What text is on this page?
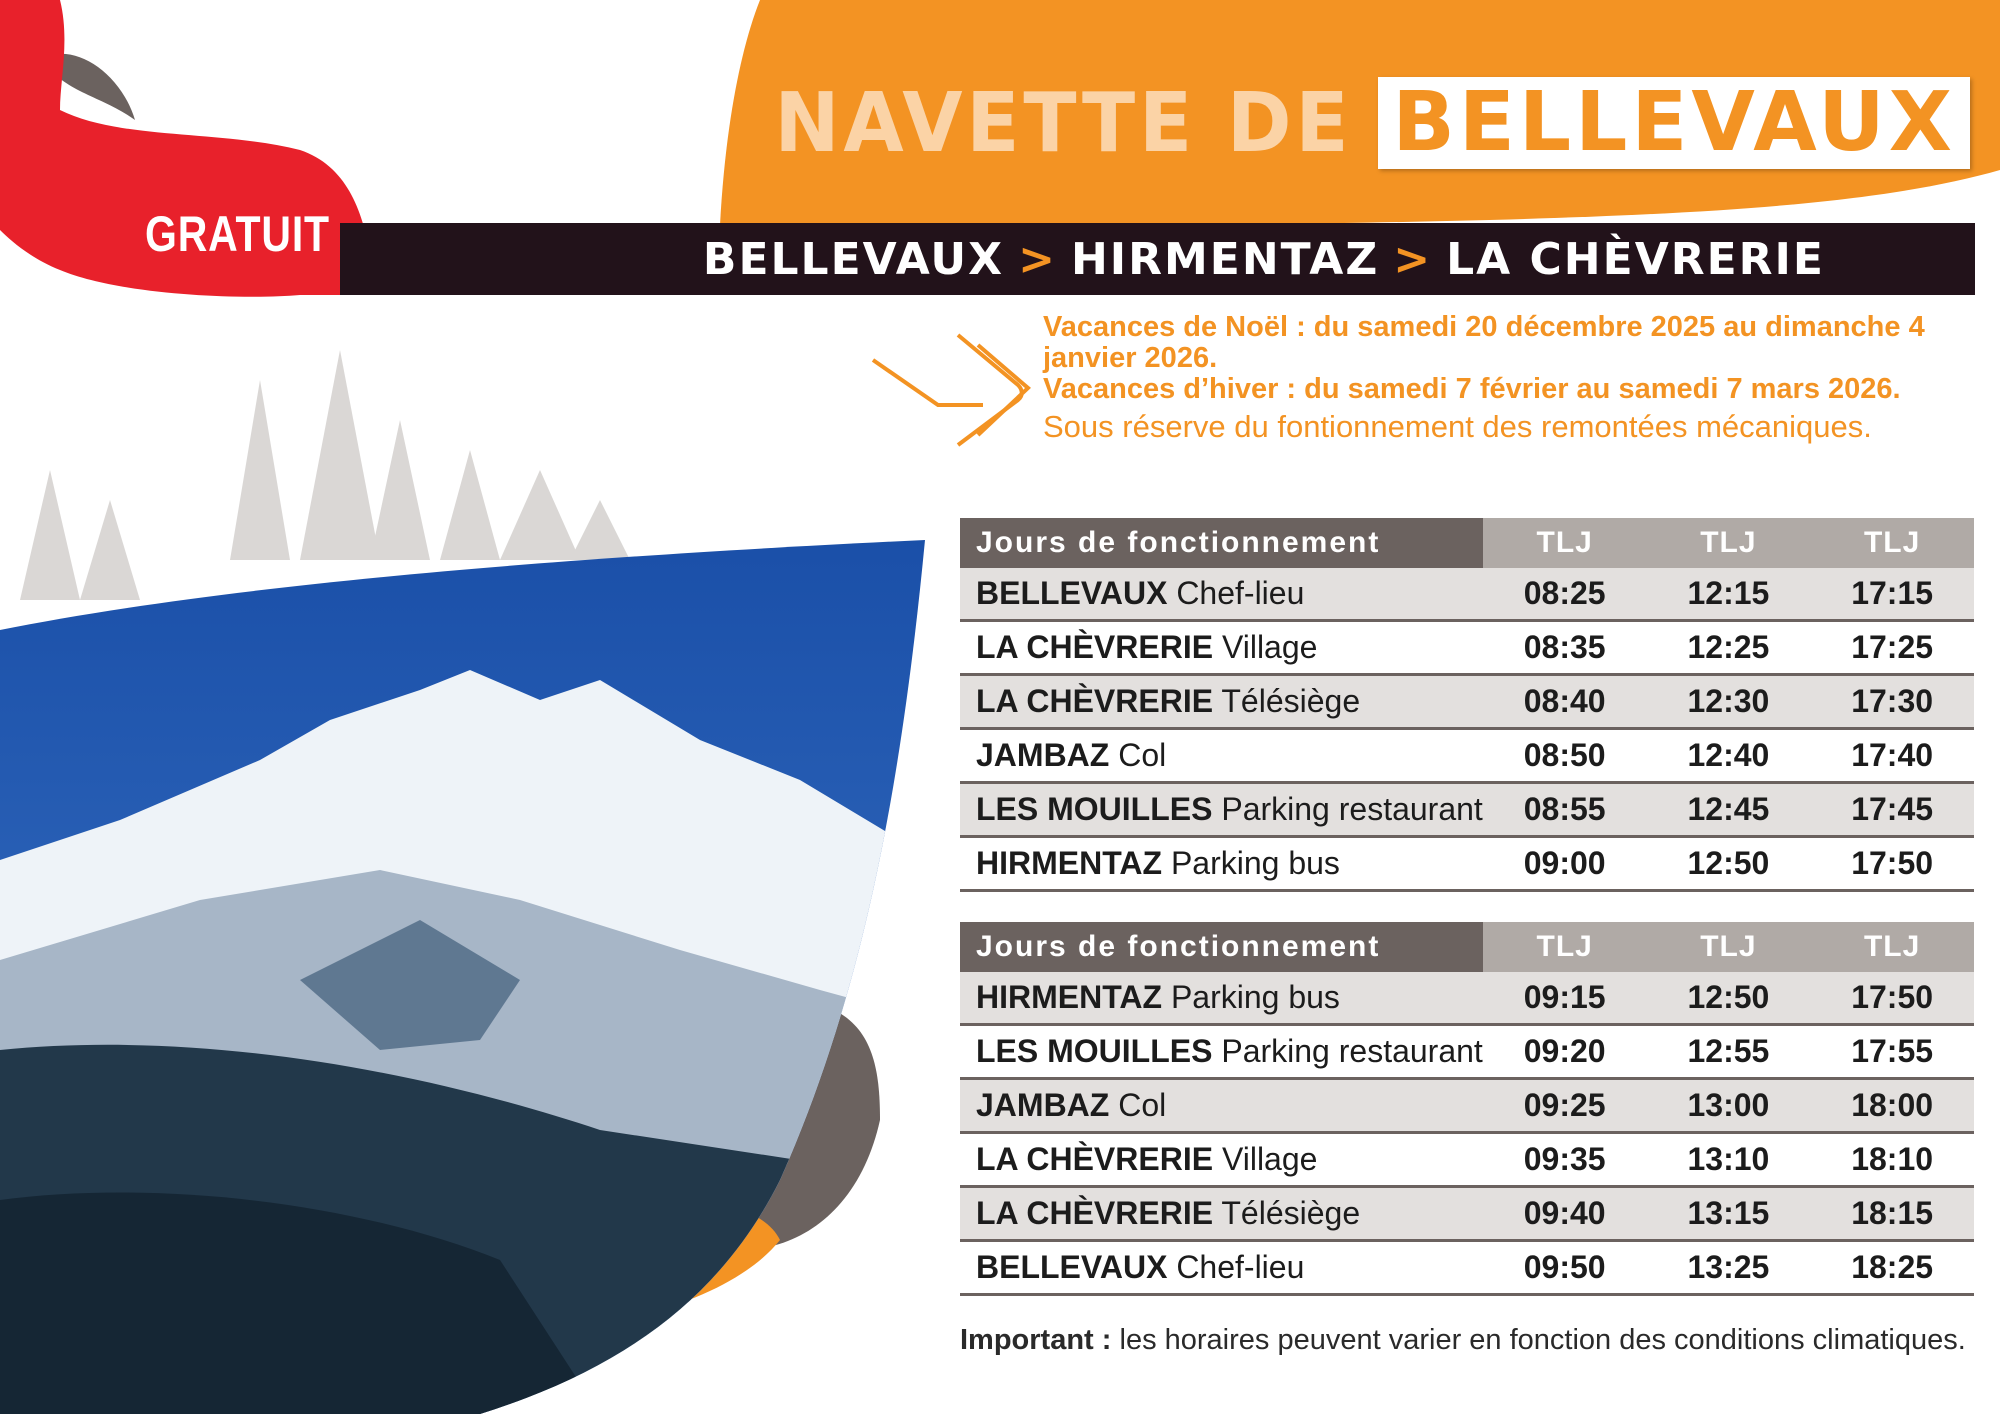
NAVETTE DE BELLEVAUX
BELLEVAUX > HIRMENTAZ > LA CHÈVRERIE
GRATUIT
Vacances de Noël : du samedi 20 décembre 2025 au dimanche 4 janvier 2026.
Vacances d’hiver : du samedi 7 février au samedi 7 mars 2026.
Sous réserve du fontionnement des remontées mécaniques.
Jours de fonctionnement	TLJ	TLJ	TLJ
BELLEVAUX Chef-lieu	08:25	12:15	17:15
LA CHÈVRERIE Village	08:35	12:25	17:25
LA CHÈVRERIE Télésiège	08:40	12:30	17:30
JAMBAZ Col	08:50	12:40	17:40
LES MOUILLES Parking restaurant	08:55	12:45	17:45
HIRMENTAZ Parking bus	09:00	12:50	17:50
Jours de fonctionnement	TLJ	TLJ	TLJ
HIRMENTAZ Parking bus	09:15	12:50	17:50
LES MOUILLES Parking restaurant	09:20	12:55	17:55
JAMBAZ Col	09:25	13:00	18:00
LA CHÈVRERIE Village	09:35	13:10	18:10
LA CHÈVRERIE Télésiège	09:40	13:15	18:15
BELLEVAUX Chef-lieu	09:50	13:25	18:25
Important : les horaires peuvent varier en fonction des conditions climatiques.
